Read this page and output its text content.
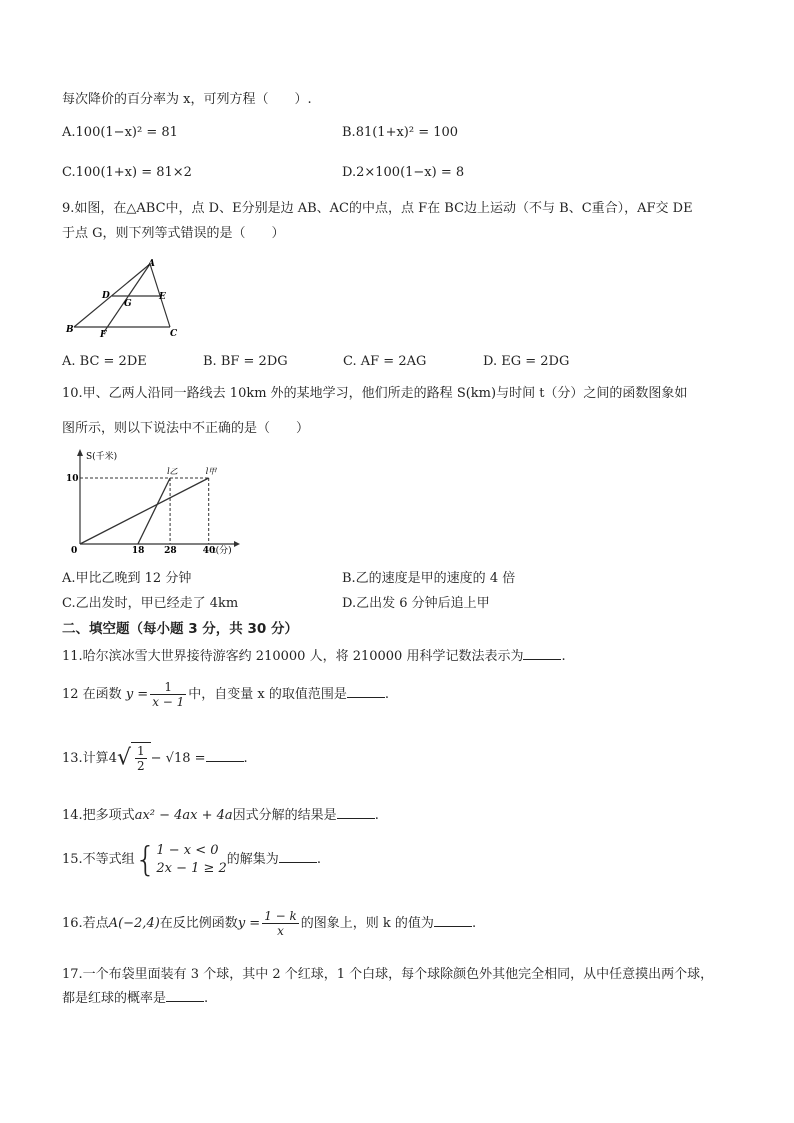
每次降价的百分率为 x，可列方程（　　）.
A.100(1−x)² = 81	B.81(1+x)² = 100
C.100(1+x) = 81×2	D.2×100(1−x) = 8
9.如图，在△ABC中，点 D、E分别是边 AB、AC的中点，点 F在 BC边上运动（不与 B、C重合），AF交 DE
于点 G，则下列等式错误的是（　　）
A
B	C
D	E
F
G
A. BC = 2DE	B. BF = 2DG	C. AF = 2AG	D. EG = 2DG
10.甲、乙两人沿同一路线去 10km 外的某地学习，他们所走的路程 S(km)与时间 t（分）之间的函数图象如
图所示，则以下说法中不正确的是（　　）
S(千米)
t(分)
l甲
l乙
0	18 28	40
10
A.甲比乙晚到 12 分钟	B.乙的速度是甲的速度的 4 倍
C.乙出发时，甲已经走了 4km	D.乙出发 6 分钟后追上甲
二、填空题（每小题 3 分，共 30 分）
11.哈尔滨冰雪大世界接待游客约 210000 人，将 210000 用科学记数法表示为	.
12 在函数 $y = \frac{1}{x - 1}$ 中，自变量 x 的取值范围是	.
13.计算$4√ \frac{1}{2} - √18$ =	.
14.把多项式ax² − 4ax + 4a因式分解的结果是	.
15.不等式组{ 1 − x < 0
2x − 1 ≥ 2
的解集为	.
16.若点A(−2,4)在反比例函数$y = \frac{1 - k}{x}$ 的图象上，则 k 的值为	.
17.一个布袋里面装有 3 个球，其中 2 个红球，1 个白球，每个球除颜色外其他完全相同，从中任意摸出两个球，
都是红球的概率是	.
